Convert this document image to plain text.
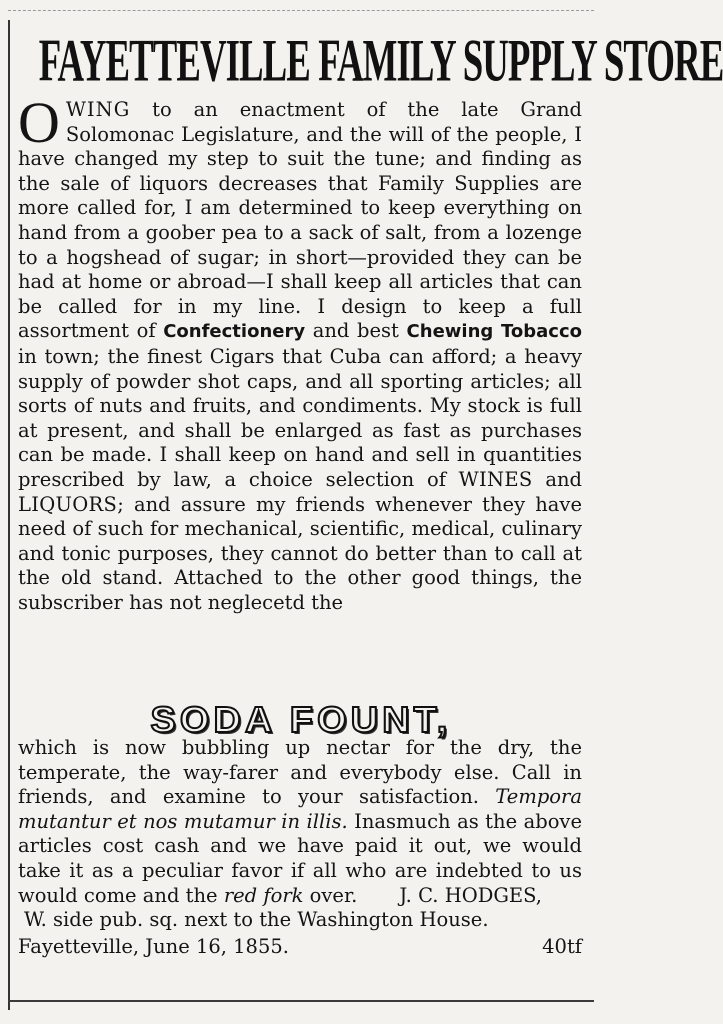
FAYETTEVILLE FAMILY SUPPLY STORE

OWING to an enactment of the late Grand Solomonac Legislature, and the will of the people, I have changed my step to suit the tune; and finding as the sale of liquors decreases that Family Supplies are more called for, I am determined to keep everything on hand from a goober pea to a sack of salt, from a lozenge to a hogshead of sugar; in short—provided they can be had at home or abroad—I shall keep all articles that can be called for in my line. I design to keep a full assortment of Confectionery and best Chewing Tobacco in town; the finest Cigars that Cuba can afford; a heavy supply of powder shot caps, and all sporting articles; all sorts of nuts and fruits, and condiments. My stock is full at present, and shall be enlarged as fast as purchases can be made. I shall keep on hand and sell in quantities prescribed by law, a choice selection of WINES and LIQUORS; and assure my friends whenever they have need of such for mechanical, scientific, medical, culinary and tonic purposes, they cannot do better than to call at the old stand. Attached to the other good things, the subscriber has not neglecetd the

SODA FOUNT,

which is now bubbling up nectar for the dry, the temperate, the way-farer and everybody else. Call in friends, and examine to your satisfaction. Tempora mutantur et nos mutamur in illis. Inasmuch as the above articles cost cash and we have paid it out, we would take it as a peculiar favor if all who are indebted to us would come and the red fork over.	J. C. HODGES,
W. side pub. sq. next to the Washington House.
Fayetteville, June 16, 1855.	40tf
